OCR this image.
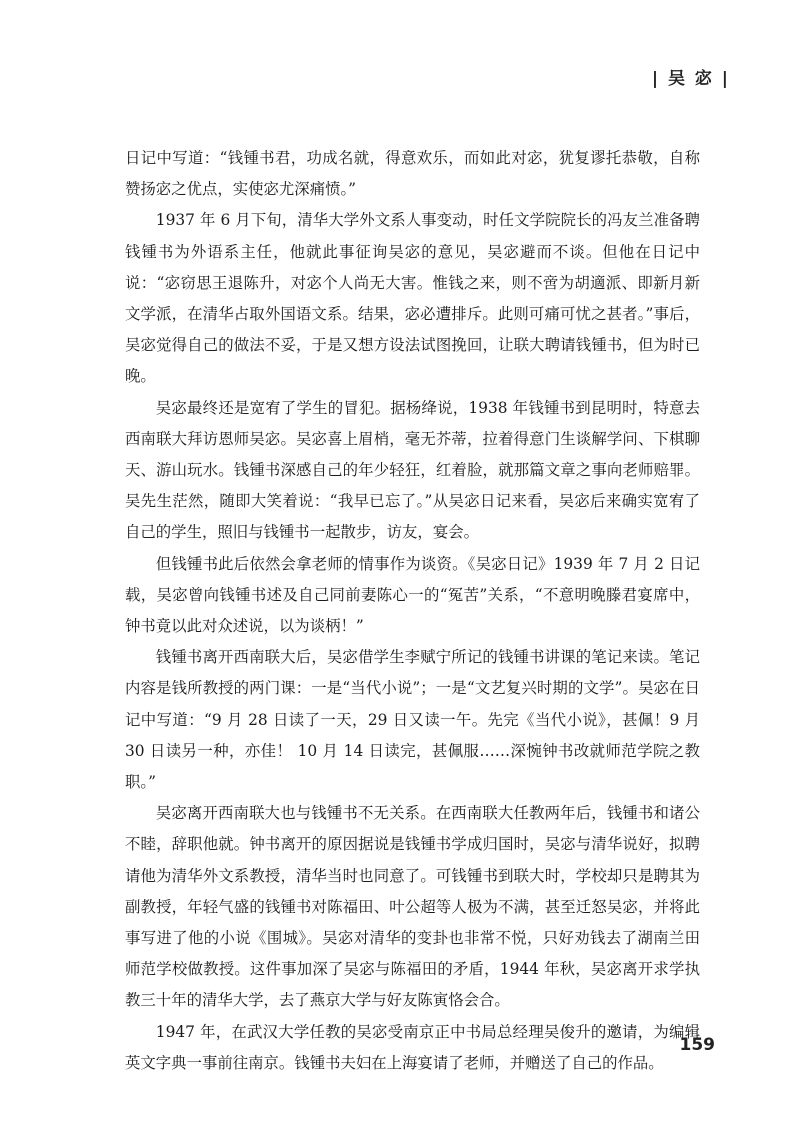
| 吴 宓 |

日记中写道：“钱锺书君，功成名就，得意欢乐，而如此对宓，犹复谬托恭敬，自称赞扬宓之优点，实使宓尤深痛愤。”

1937 年 6 月下旬，清华大学外文系人事变动，时任文学院院长的冯友兰准备聘钱锺书为外语系主任，他就此事征询吴宓的意见，吴宓避而不谈。但他在日记中说：“宓窃思王退陈升，对宓个人尚无大害。惟钱之来，则不啻为胡適派、即新月新文学派，在清华占取外国语文系。结果，宓必遭排斥。此则可痛可忧之甚者。”事后，吴宓觉得自己的做法不妥，于是又想方设法试图挽回，让联大聘请钱锺书，但为时已晚。

吴宓最终还是宽宥了学生的冒犯。据杨绛说，1938 年钱锺书到昆明时，特意去西南联大拜访恩师吴宓。吴宓喜上眉梢，毫无芥蒂，拉着得意门生谈解学问、下棋聊天、游山玩水。钱锺书深感自己的年少轻狂，红着脸，就那篇文章之事向老师赔罪。吴先生茫然，随即大笑着说：“我早已忘了。”从吴宓日记来看，吴宓后来确实宽宥了自己的学生，照旧与钱锺书一起散步，访友，宴会。

但钱锺书此后依然会拿老师的情事作为谈资。《吴宓日记》1939 年 7 月 2 日记载，吴宓曾向钱锺书述及自己同前妻陈心一的“冤苦”关系，“不意明晚滕君宴席中，钟书竟以此对众述说，以为谈柄！”

钱锺书离开西南联大后，吴宓借学生李赋宁所记的钱锺书讲课的笔记来读。笔记内容是钱所教授的两门课：一是“当代小说”；一是“文艺复兴时期的文学”。吴宓在日记中写道：“9 月 28 日读了一天，29 日又读一午。先完《当代小说》，甚佩！9 月 30 日读另一种，亦佳！ 10 月 14 日读完，甚佩服……深惋钟书改就师范学院之教职。”

吴宓离开西南联大也与钱锺书不无关系。在西南联大任教两年后，钱锺书和诸公不睦，辞职他就。钟书离开的原因据说是钱锺书学成归国时，吴宓与清华说好，拟聘请他为清华外文系教授，清华当时也同意了。可钱锺书到联大时，学校却只是聘其为副教授，年轻气盛的钱锺书对陈福田、叶公超等人极为不满，甚至迁怒吴宓，并将此事写进了他的小说《围城》。吴宓对清华的变卦也非常不悦，只好劝钱去了湖南兰田师范学校做教授。这件事加深了吴宓与陈福田的矛盾，1944 年秋，吴宓离开求学执教三十年的清华大学，去了燕京大学与好友陈寅恪会合。

1947 年，在武汉大学任教的吴宓受南京正中书局总经理吴俊升的邀请，为编辑英文字典一事前往南京。钱锺书夫妇在上海宴请了老师，并赠送了自己的作品。

159
